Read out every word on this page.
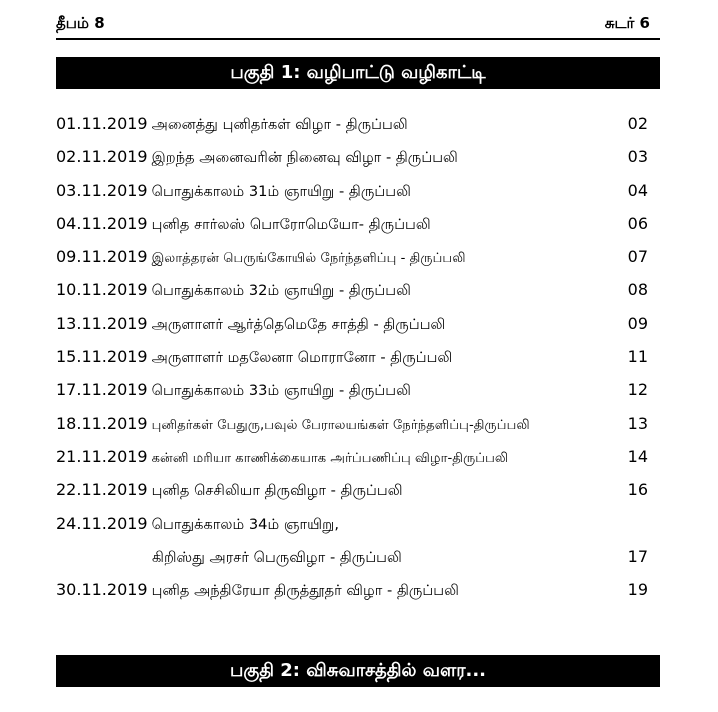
தீபம் 8	சுடர் 6
பகுதி 1: வழிபாட்டு வழிகாட்டி
01.11.2019 அனைத்து புனிதர்கள் விழா - திருப்பலி	02
02.11.2019 இறந்த அனைவரின் நினைவு விழா - திருப்பலி	03
03.11.2019 பொதுக்காலம் 31ம் ஞாயிறு - திருப்பலி	04
04.11.2019 புனித சார்லஸ் பொரோமெயோ- திருப்பலி	06
09.11.2019 இலாத்தரன் பெருங்கோயில் நேர்ந்தளிப்பு - திருப்பலி	07
10.11.2019 பொதுக்காலம் 32ம் ஞாயிறு - திருப்பலி	08
13.11.2019 அருளாளர் ஆர்த்தெமெதே சாத்தி - திருப்பலி	09
15.11.2019 அருளாளர் மதலேனா மொரானோ - திருப்பலி	11
17.11.2019 பொதுக்காலம் 33ம் ஞாயிறு - திருப்பலி	12
18.11.2019 புனிதர்கள் பேதுரு,பவுல் பேராலயங்கள் நேர்ந்தளிப்பு-திருப்பலி	13
21.11.2019 கன்னி மரியா காணிக்கையாக அர்ப்பணிப்பு விழா-திருப்பலி	14
22.11.2019 புனித செசிலியா திருவிழா - திருப்பலி	16
24.11.2019 பொதுக்காலம் 34ம் ஞாயிறு,
கிறிஸ்து அரசர் பெருவிழா - திருப்பலி	17
30.11.2019 புனித அந்திரேயா திருத்தூதர் விழா - திருப்பலி	19
பகுதி 2: விசுவாசத்தில் வளர...
